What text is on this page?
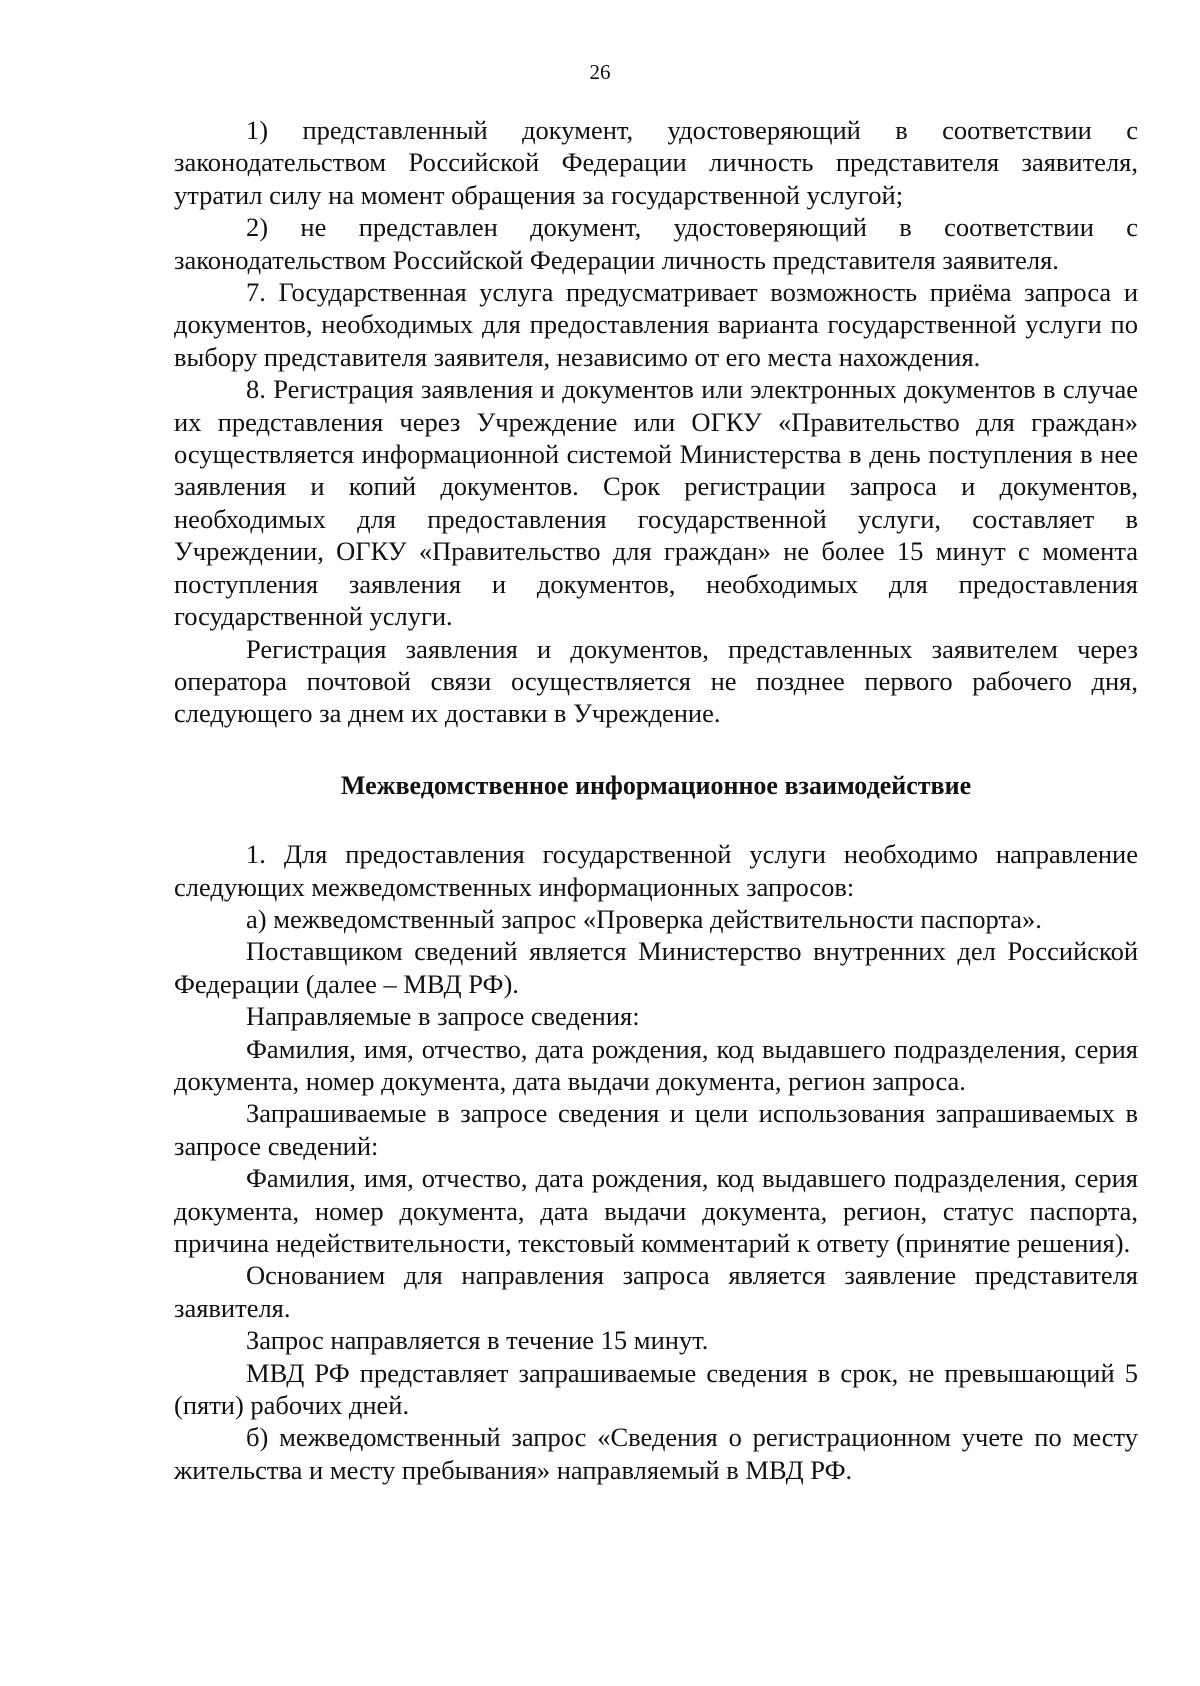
26

1) представленный документ, удостоверяющий в соответствии с законодательством Российской Федерации личность представителя заявителя, утратил силу на момент обращения за государственной услугой;

2) не представлен документ, удостоверяющий в соответствии с законодательством Российской Федерации личность представителя заявителя.

7. Государственная услуга предусматривает возможность приёма запроса и документов, необходимых для предоставления варианта государственной услуги по выбору представителя заявителя, независимо от его места нахождения.

8. Регистрация заявления и документов или электронных документов в случае их представления через Учреждение или ОГКУ «Правительство для граждан» осуществляется информационной системой Министерства в день поступления в нее заявления и копий документов. Срок регистрации запроса и документов, необходимых для предоставления государственной услуги, составляет в Учреждении, ОГКУ «Правительство для граждан» не более 15 минут с момента поступления заявления и документов, необходимых для предоставления государственной услуги.

Регистрация заявления и документов, представленных заявителем через оператора почтовой связи осуществляется не позднее первого рабочего дня, следующего за днем их доставки в Учреждение.

Межведомственное информационное взаимодействие

1. Для предоставления государственной услуги необходимо направление следующих межведомственных информационных запросов:

а) межведомственный запрос «Проверка действительности паспорта».

Поставщиком сведений является Министерство внутренних дел Российской Федерации (далее – МВД РФ).

Направляемые в запросе сведения:

Фамилия, имя, отчество, дата рождения, код выдавшего подразделения, серия документа, номер документа, дата выдачи документа, регион запроса.

Запрашиваемые в запросе сведения и цели использования запрашиваемых в запросе сведений:

Фамилия, имя, отчество, дата рождения, код выдавшего подразделения, серия документа, номер документа, дата выдачи документа, регион, статус паспорта, причина недействительности, текстовый комментарий к ответу (принятие решения).

Основанием для направления запроса является заявление представителя заявителя.

Запрос направляется в течение 15 минут.

МВД РФ представляет запрашиваемые сведения в срок, не превышающий 5 (пяти) рабочих дней.

б) межведомственный запрос «Сведения о регистрационном учете по месту жительства и месту пребывания» направляемый в МВД РФ.
